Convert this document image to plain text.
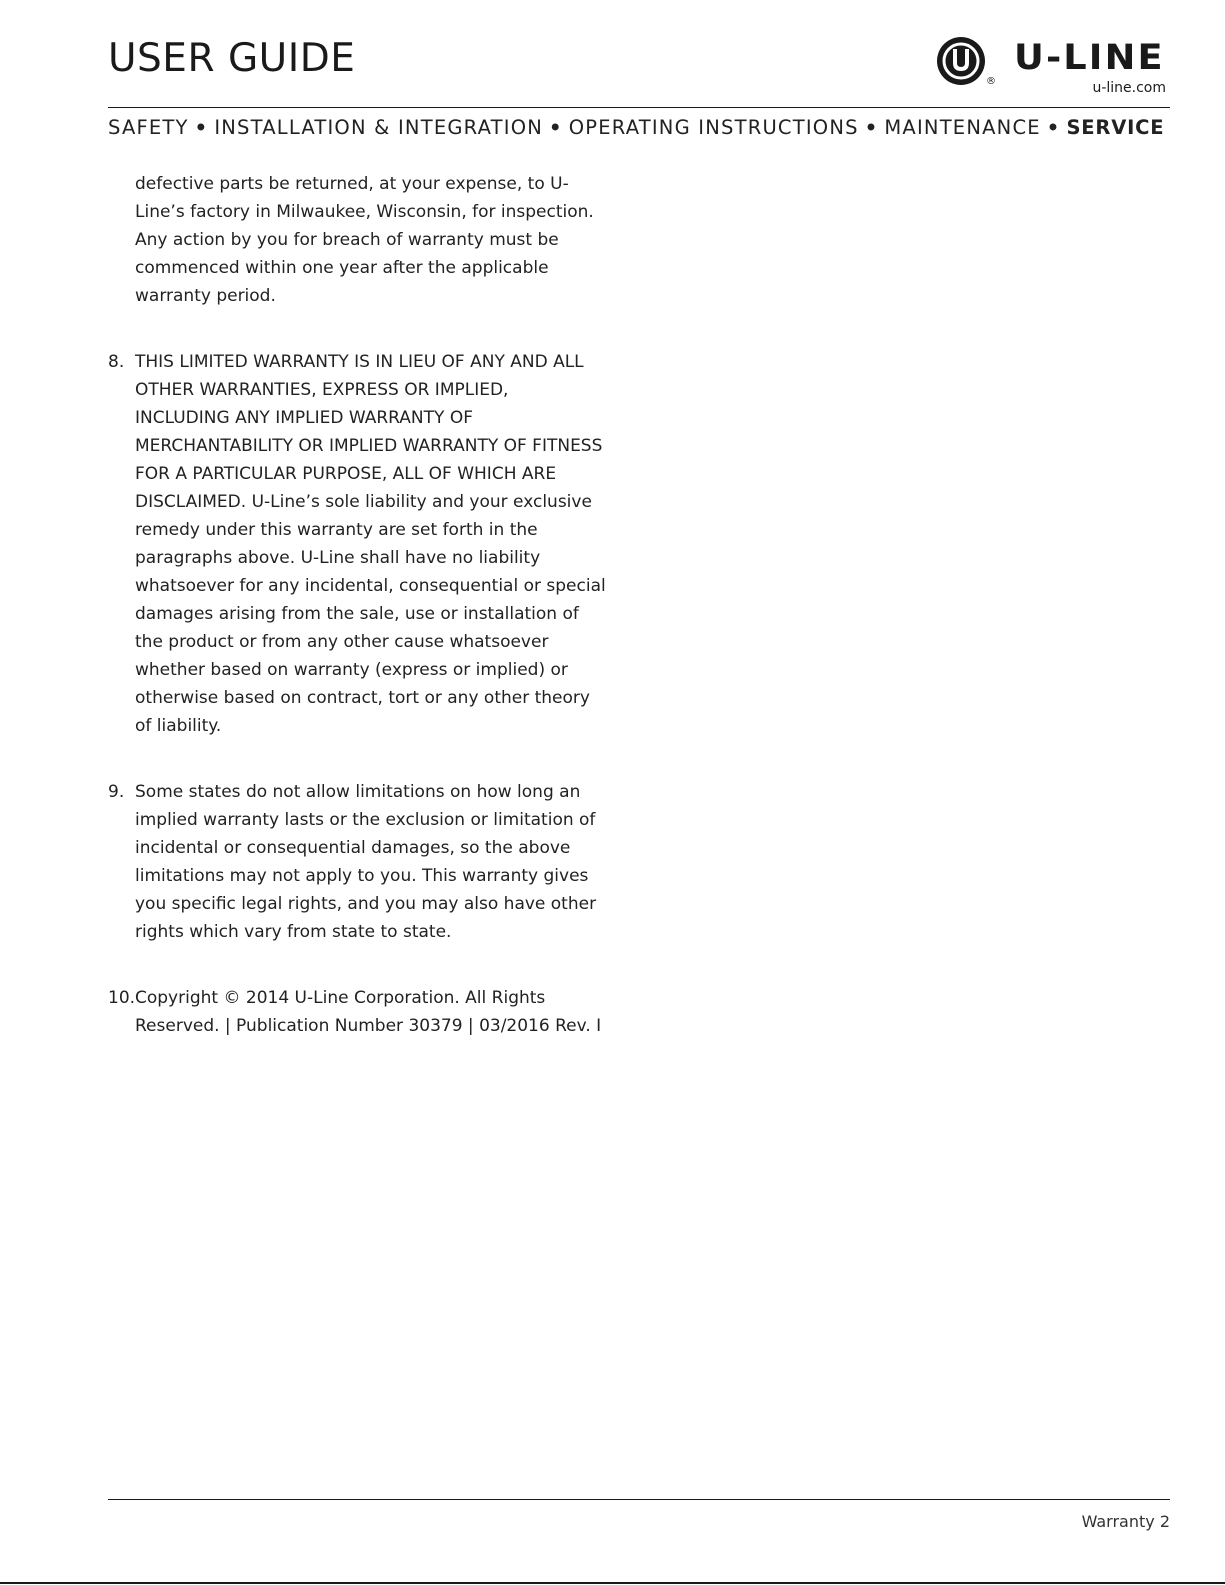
USER GUIDE
®
U-LINE
u-line.com
SAFETY • INSTALLATION & INTEGRATION • OPERATING INSTRUCTIONS • MAINTENANCE • SERVICE
defective parts be returned, at your expense, to U-Line’s factory in Milwaukee, Wisconsin, for inspection. Any action by you for breach of warranty must be commenced within one year after the applicable warranty period.
8. THIS LIMITED WARRANTY IS IN LIEU OF ANY AND ALL OTHER WARRANTIES, EXPRESS OR IMPLIED, INCLUDING ANY IMPLIED WARRANTY OF MERCHANTABILITY OR IMPLIED WARRANTY OF FITNESS FOR A PARTICULAR PURPOSE, ALL OF WHICH ARE DISCLAIMED. U-Line’s sole liability and your exclusive remedy under this warranty are set forth in the paragraphs above. U-Line shall have no liability whatsoever for any incidental, consequential or special damages arising from the sale, use or installation of the product or from any other cause whatsoever whether based on warranty (express or implied) or otherwise based on contract, tort or any other theory of liability.
9. Some states do not allow limitations on how long an implied warranty lasts or the exclusion or limitation of incidental or consequential damages, so the above limitations may not apply to you. This warranty gives you specific legal rights, and you may also have other rights which vary from state to state.
10. Copyright © 2014 U-Line Corporation. All Rights Reserved. | Publication Number 30379 | 03/2016 Rev. I
Warranty 2
